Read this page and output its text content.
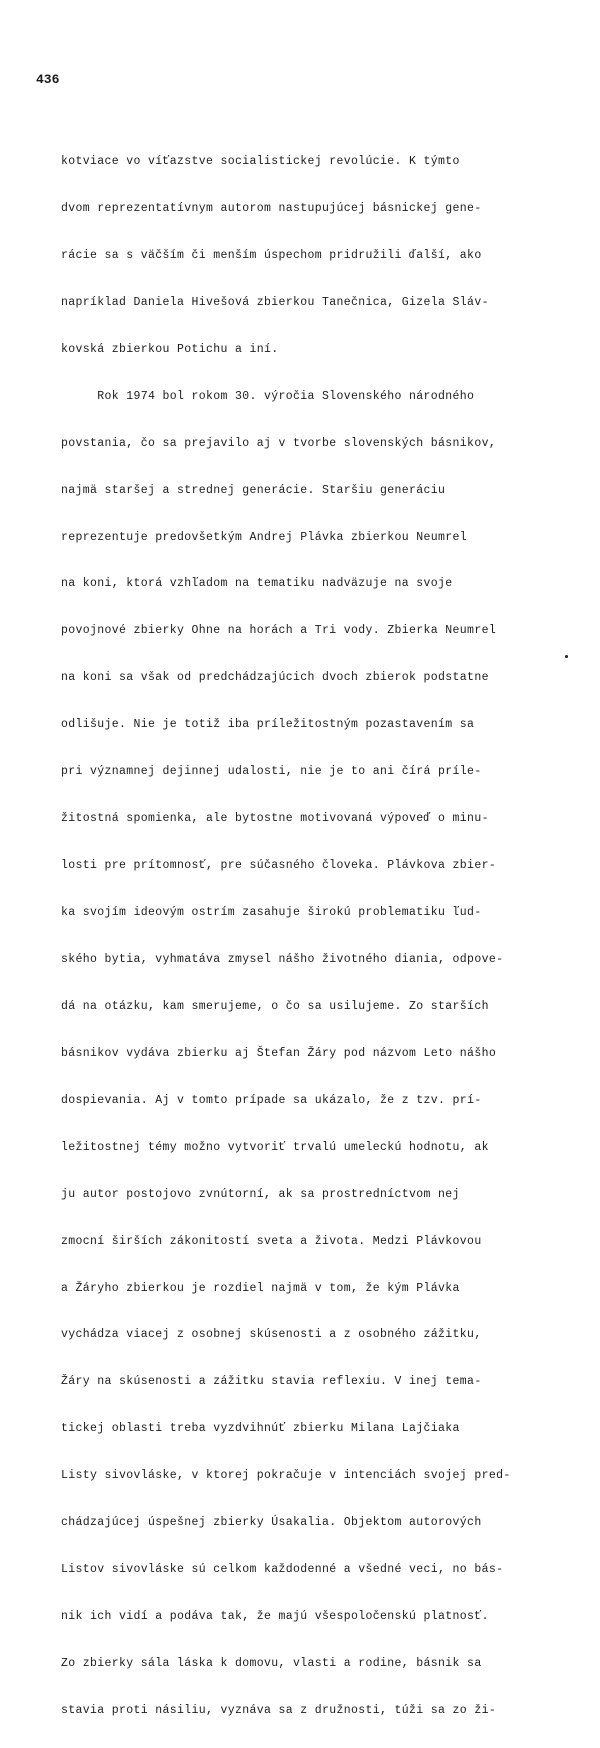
436

kotviace vo víťazstve socialistickej revolúcie. K týmto

dvom reprezentatívnym autorom nastupujúcej básnickej gene-

rácie sa s väčším či menším úspechom pridružili ďalší, ako

napríklad Daniela Hivešová zbierkou Tanečnica, Gizela Sláv-

kovská zbierkou Potichu a iní.

Rok 1974 bol rokom 30. výročia Slovenského národného

povstania, čo sa prejavilo aj v tvorbe slovenských básnikov,

najmä staršej a strednej generácie. Staršiu generáciu

reprezentuje predovšetkým Andrej Plávka zbierkou Neumrel

na koni, ktorá vzhľadom na tematiku nadväzuje na svoje

povojnové zbierky Ohne na horách a Tri vody. Zbierka Neumrel

na koni sa však od predchádzajúcich dvoch zbierok podstatne

odlišuje. Nie je totiž iba príležitostným pozastavením sa

pri významnej dejinnej udalosti, nie je to ani čírá príle-

žitostná spomienka, ale bytostne motivovaná výpoveď o minu-

losti pre prítomnosť, pre súčasného človeka. Plávkova zbier-

ka svojím ideovým ostrím zasahuje širokú problematiku ľud-

ského bytia, vyhmatáva zmysel nášho životného diania, odpove-

dá na otázku, kam smerujeme, o čo sa usilujeme. Zo starších

básnikov vydáva zbierku aj Štefan Žáry pod názvom Leto nášho

dospievania. Aj v tomto prípade sa ukázalo, že z tzv. prí-

ležitostnej témy možno vytvoriť trvalú umeleckú hodnotu, ak

ju autor postojovo zvnútorní, ak sa prostredníctvom nej

zmocní širších zákonitostí sveta a života. Medzi Plávkovou

a Žáryho zbierkou je rozdiel najmä v tom, že kým Plávka

vychádza viacej z osobnej skúsenosti a z osobného zážitku,

Žáry na skúsenosti a zážitku stavia reflexiu. V inej tema-

tickej oblasti treba vyzdvihnúť zbierku Milana Lajčiaka

Listy sivovláske, v ktorej pokračuje v intenciách svojej pred-

chádzajúcej úspešnej zbierky Úsakalia. Objektom autorových

Listov sivovláske sú celkom každodenné a všedné veci, no bás-

nik ich vidí a podáva tak, že majú všespoločenskú platnosť.

Zo zbierky sála láska k domovu, vlasti a rodine, básnik sa

stavia proti násiliu, vyznáva sa z družnosti, túži sa zo ži-
